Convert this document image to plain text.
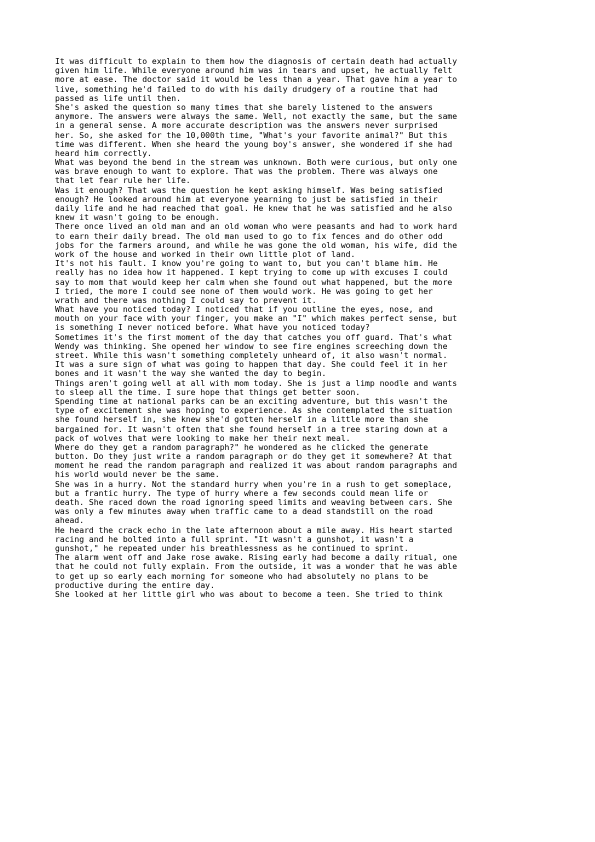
It was difficult to explain to them how the diagnosis of certain death had actually
given him life. While everyone around him was in tears and upset, he actually felt
more at ease. The doctor said it would be less than a year. That gave him a year to
live, something he'd failed to do with his daily drudgery of a routine that had
passed as life until then.

She's asked the question so many times that she barely listened to the answers
anymore. The answers were always the same. Well, not exactly the same, but the same
in a general sense. A more accurate description was the answers never surprised
her. So, she asked for the 10,000th time, "What's your favorite animal?" But this
time was different. When she heard the young boy's answer, she wondered if she had
heard him correctly.

What was beyond the bend in the stream was unknown. Both were curious, but only one
was brave enough to want to explore. That was the problem. There was always one
that let fear rule her life.

Was it enough? That was the question he kept asking himself. Was being satisfied
enough? He looked around him at everyone yearning to just be satisfied in their
daily life and he had reached that goal. He knew that he was satisfied and he also
knew it wasn't going to be enough.

There once lived an old man and an old woman who were peasants and had to work hard
to earn their daily bread. The old man used to go to fix fences and do other odd
jobs for the farmers around, and while he was gone the old woman, his wife, did the
work of the house and worked in their own little plot of land.

It's not his fault. I know you're going to want to, but you can't blame him. He
really has no idea how it happened. I kept trying to come up with excuses I could
say to mom that would keep her calm when she found out what happened, but the more
I tried, the more I could see none of them would work. He was going to get her
wrath and there was nothing I could say to prevent it.

What have you noticed today? I noticed that if you outline the eyes, nose, and
mouth on your face with your finger, you make an "I" which makes perfect sense, but
is something I never noticed before. What have you noticed today?

Sometimes it's the first moment of the day that catches you off guard. That's what
Wendy was thinking. She opened her window to see fire engines screeching down the
street. While this wasn't something completely unheard of, it also wasn't normal.
It was a sure sign of what was going to happen that day. She could feel it in her
bones and it wasn't the way she wanted the day to begin.

Things aren't going well at all with mom today. She is just a limp noodle and wants
to sleep all the time. I sure hope that things get better soon.

Spending time at national parks can be an exciting adventure, but this wasn't the
type of excitement she was hoping to experience. As she contemplated the situation
she found herself in, she knew she'd gotten herself in a little more than she
bargained for. It wasn't often that she found herself in a tree staring down at a
pack of wolves that were looking to make her their next meal.

Where do they get a random paragraph?" he wondered as he clicked the generate
button. Do they just write a random paragraph or do they get it somewhere? At that
moment he read the random paragraph and realized it was about random paragraphs and
his world would never be the same.

She was in a hurry. Not the standard hurry when you're in a rush to get someplace,
but a frantic hurry. The type of hurry where a few seconds could mean life or
death. She raced down the road ignoring speed limits and weaving between cars. She
was only a few minutes away when traffic came to a dead standstill on the road
ahead.

He heard the crack echo in the late afternoon about a mile away. His heart started
racing and he bolted into a full sprint. "It wasn't a gunshot, it wasn't a
gunshot," he repeated under his breathlessness as he continued to sprint.

The alarm went off and Jake rose awake. Rising early had become a daily ritual, one
that he could not fully explain. From the outside, it was a wonder that he was able
to get up so early each morning for someone who had absolutely no plans to be
productive during the entire day.

She looked at her little girl who was about to become a teen. She tried to think
